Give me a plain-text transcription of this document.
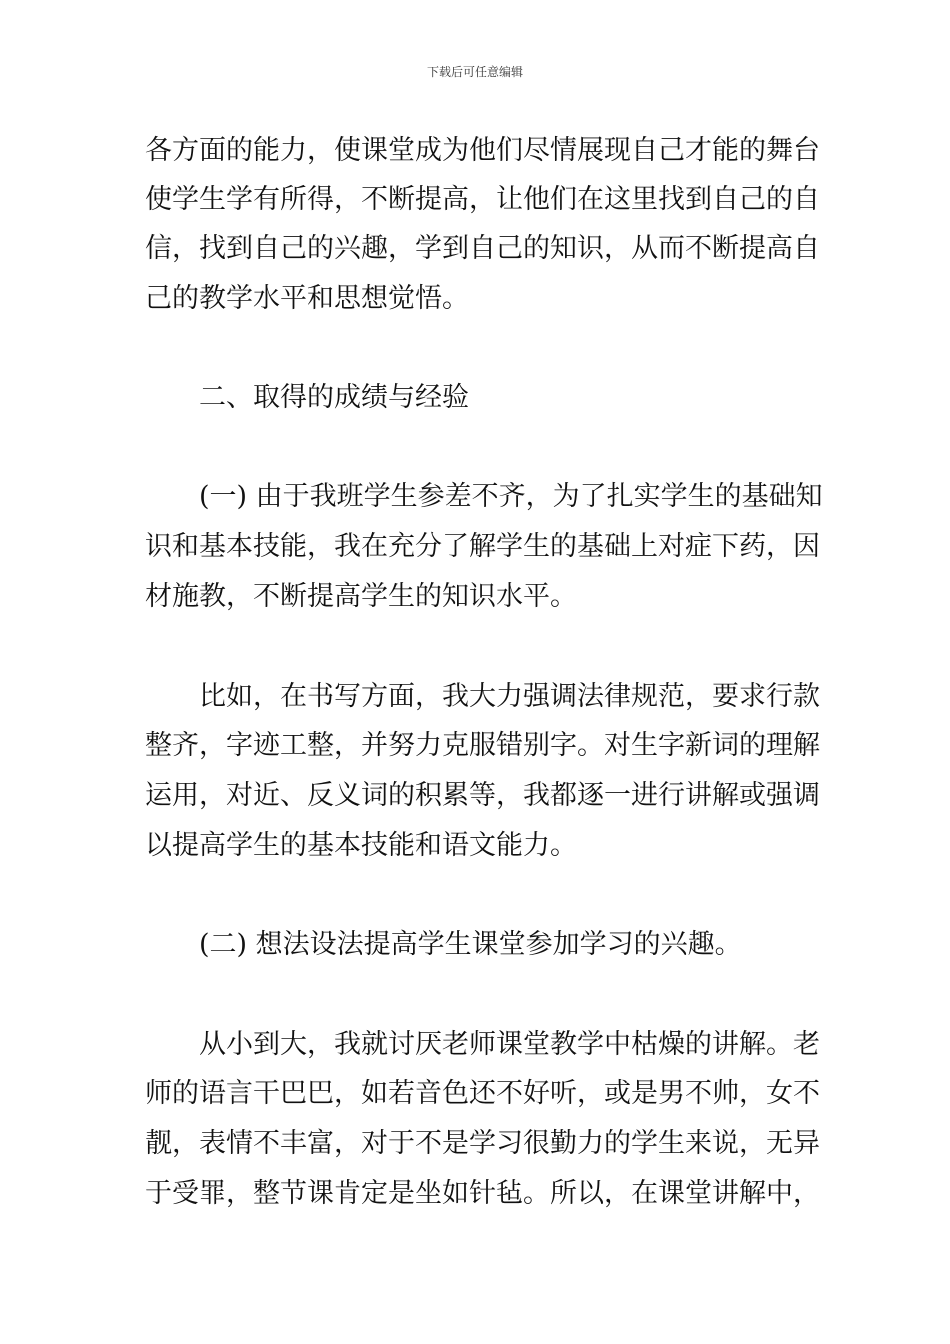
下载后可任意编辑
各方面的能力，使课堂成为他们尽情展现自己才能的舞台
使学生学有所得，不断提高，让他们在这里找到自己的自
信，找到自己的兴趣，学到自己的知识，从而不断提高自
己的教学水平和思想觉悟。
二、取得的成绩与经验
(一) 由于我班学生参差不齐，为了扎实学生的基础知
识和基本技能，我在充分了解学生的基础上对症下药，因
材施教，不断提高学生的知识水平。
比如，在书写方面，我大力强调法律规范，要求行款
整齐，字迹工整，并努力克服错别字。对生字新词的理解
运用，对近、反义词的积累等，我都逐一进行讲解或强调
以提高学生的基本技能和语文能力。
(二) 想法设法提高学生课堂参加学习的兴趣。
从小到大，我就讨厌老师课堂教学中枯燥的讲解。老
师的语言干巴巴，如若音色还不好听，或是男不帅，女不
靓，表情不丰富，对于不是学习很勤力的学生来说，无异
于受罪，整节课肯定是坐如针毡。所以，在课堂讲解中，
